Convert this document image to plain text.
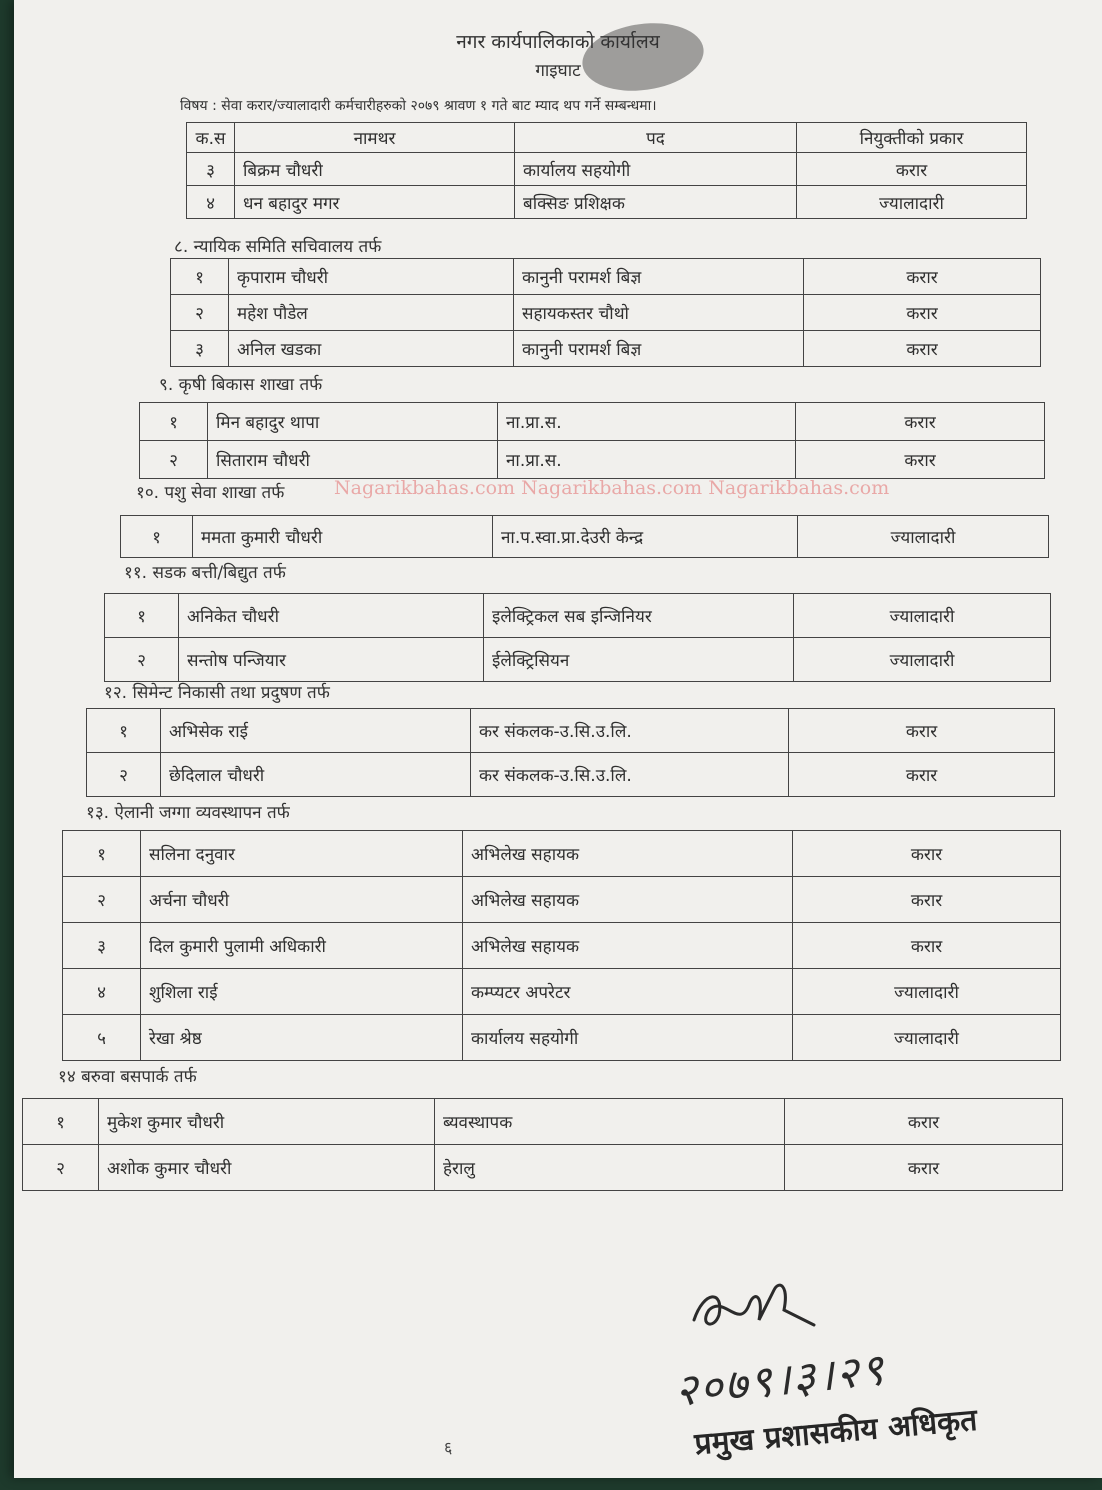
नगर कार्यपालिकाको कार्यालय
गाइघाट
विषय : सेवा करार/ज्यालादारी कर्मचारीहरुको २०७९ श्रावण १ गते बाट म्याद थप गर्ने सम्बन्धमा।
क.स	नामथर	पद	नियुक्तीको प्रकार
३	बिक्रम चौधरी	कार्यालय सहयोगी	करार
४	धन बहादुर मगर	बक्सिङ प्रशिक्षक	ज्यालादारी
८. न्यायिक समिति सचिवालय तर्फ
१	कृपाराम चौधरी	कानुनी परामर्श बिज्ञ	करार
२	महेश पौडेल	सहायकस्तर चौथो	करार
३	अनिल खडका	कानुनी परामर्श बिज्ञ	करार
९. कृषी बिकास शाखा तर्फ
१	मिन बहादुर थापा	ना.प्रा.स.	करार
२	सिताराम चौधरी	ना.प्रा.स.	करार
१०. पशु सेवा शाखा तर्फ	Nagarikbahas.com Nagarikbahas.com Nagarikbahas.com
१	ममता कुमारी चौधरी	ना.प.स्वा.प्रा.देउरी केन्द्र	ज्यालादारी
११. सडक बत्ती/बिद्युत तर्फ
१	अनिकेत चौधरी	इलेक्ट्रिकल सब इन्जिनियर	ज्यालादारी
२	सन्तोष पन्जियार	ईलेक्ट्रिसियन	ज्यालादारी
१२. सिमेन्ट निकासी तथा प्रदुषण तर्फ
१	अभिसेक राई	कर संकलक-उ.सि.उ.लि.	करार
२	छेदिलाल चौधरी	कर संकलक-उ.सि.उ.लि.	करार
१३. ऐलानी जग्गा व्यवस्थापन तर्फ
१	सलिना दनुवार	अभिलेख सहायक	करार
२	अर्चना चौधरी	अभिलेख सहायक	करार
३	दिल कुमारी पुलामी अधिकारी	अभिलेख सहायक	करार
४	शुशिला राई	कम्प्यटर अपरेटर	ज्यालादारी
५	रेखा श्रेष्ठ	कार्यालय सहयोगी	ज्यालादारी
१४ बरुवा बसपार्क तर्फ
१	मुकेश कुमार चौधरी	ब्यवस्थापक	करार
२	अशोक कुमार चौधरी	हेरालु	करार
२०७९।३।२९
प्रमुख प्रशासकीय अधिकृत
६
